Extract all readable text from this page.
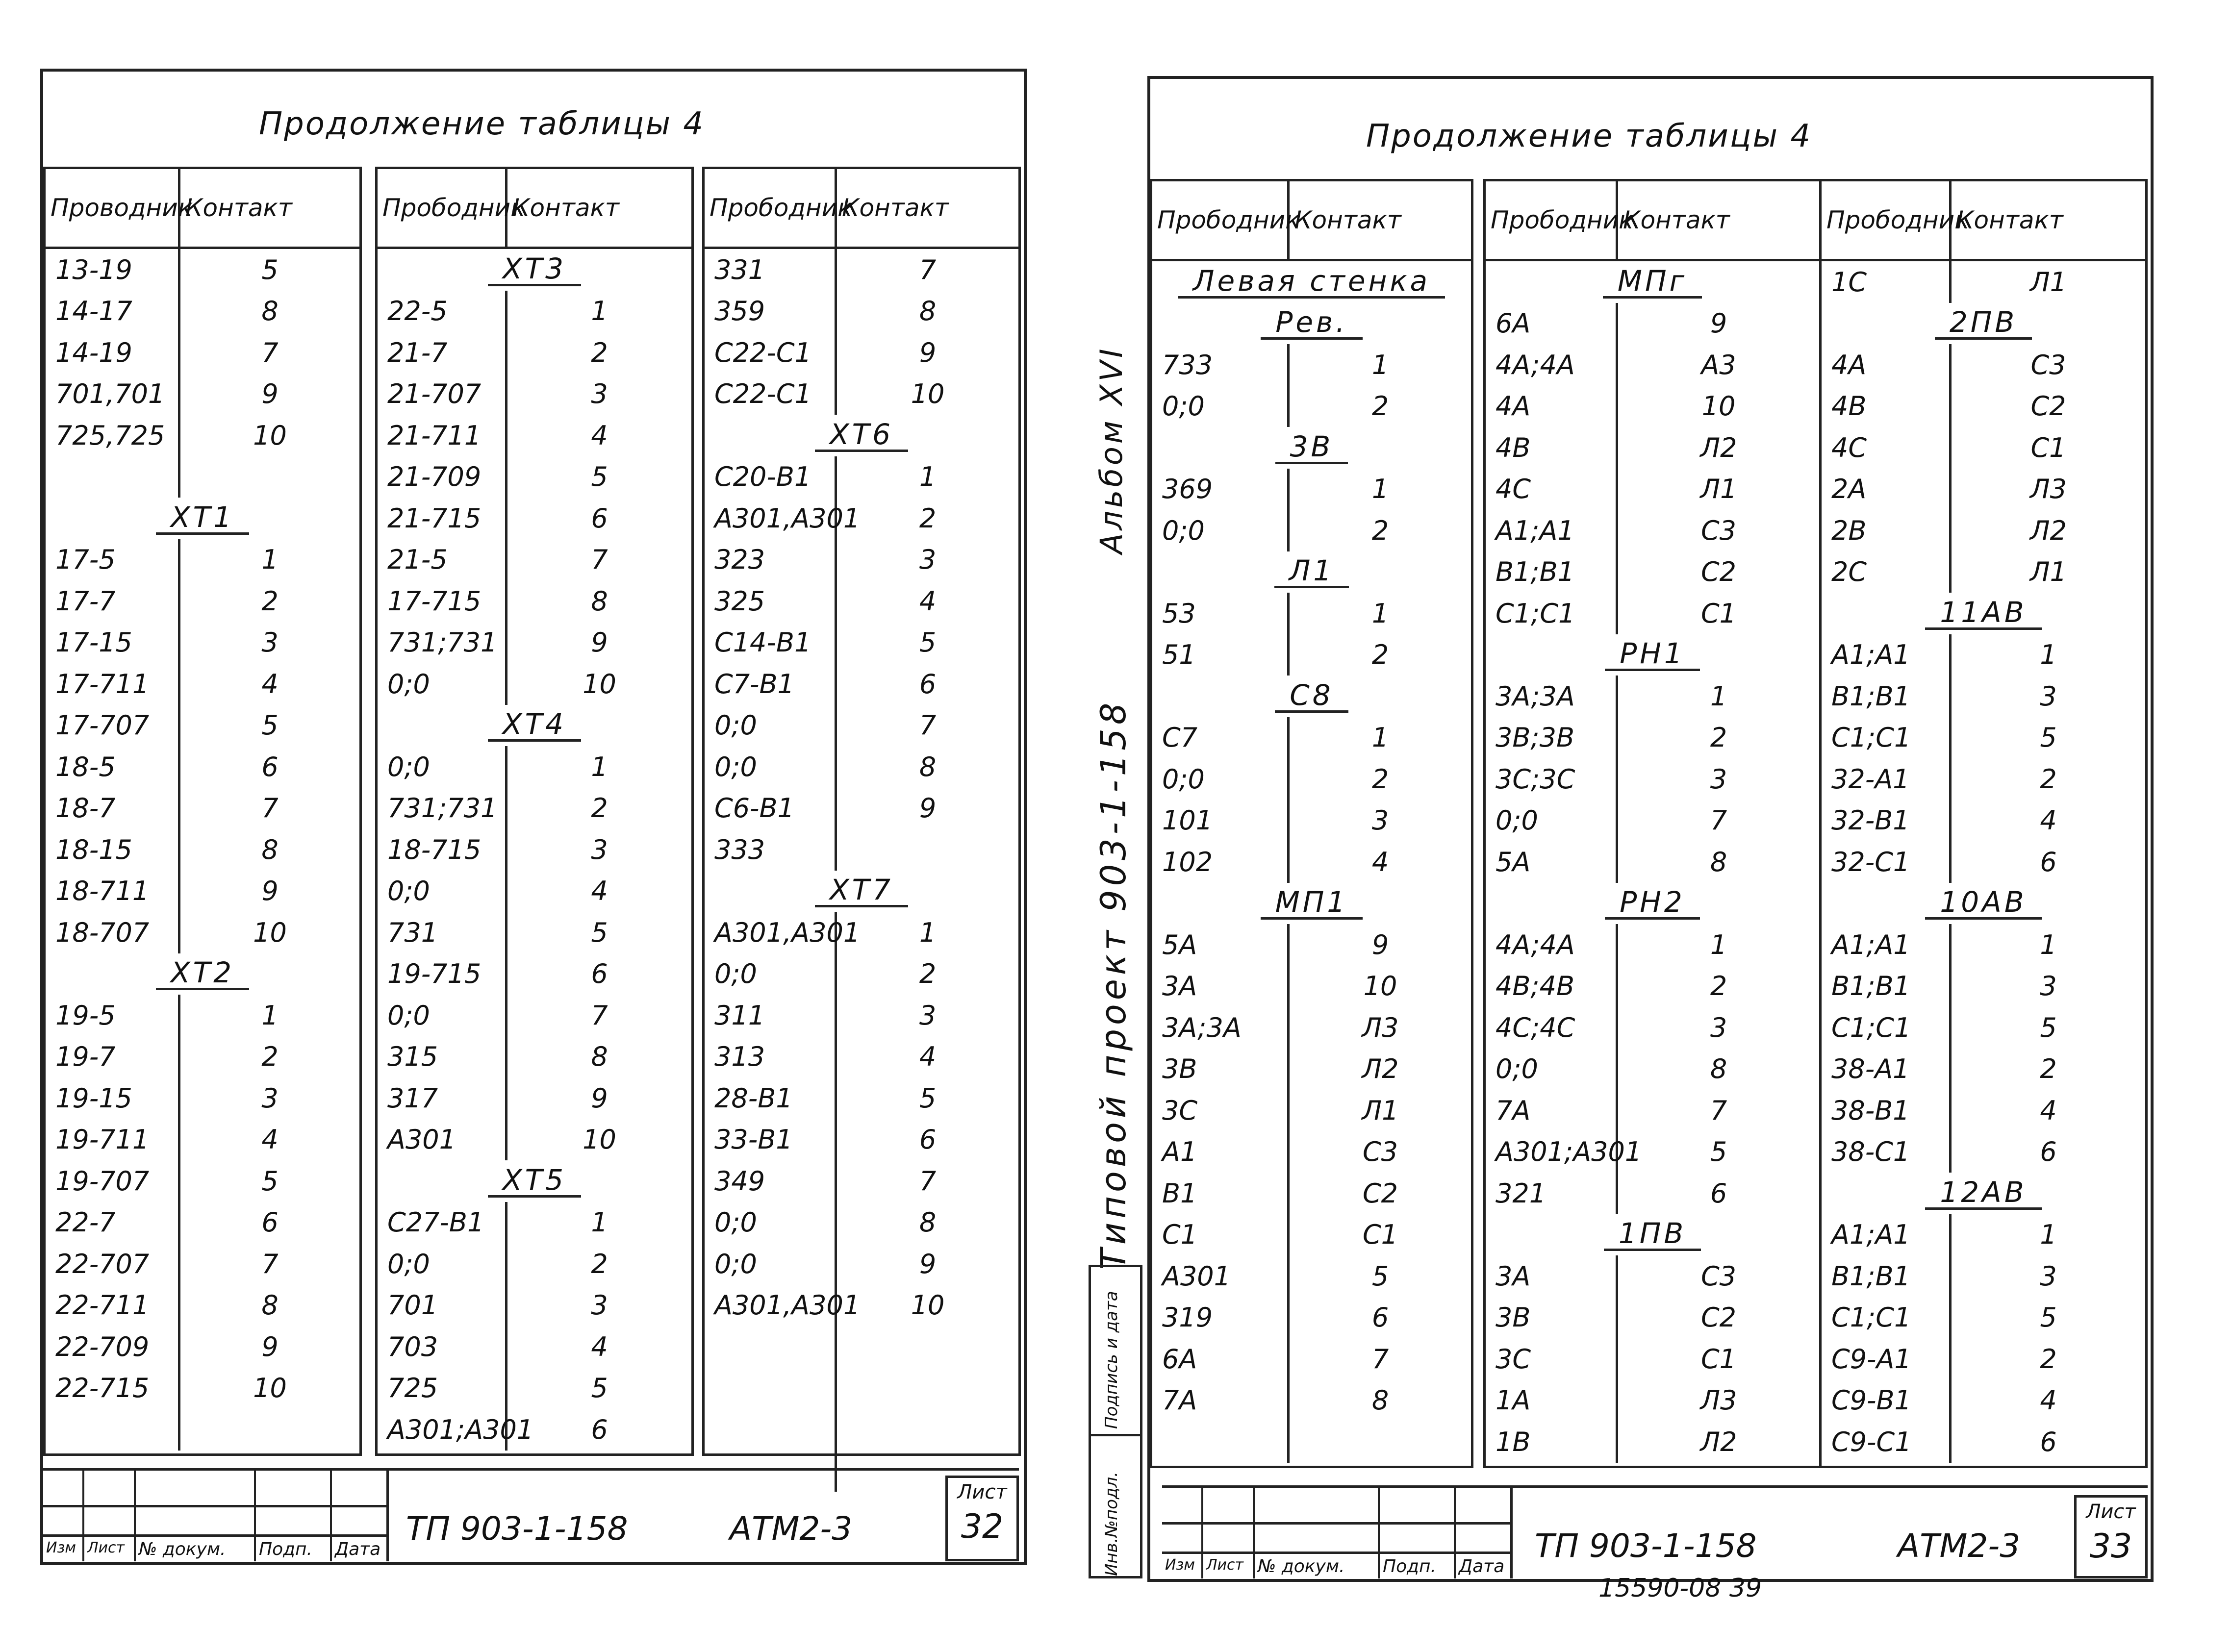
Продолжение таблицы 4
Проводник
Контакт
13-19	5
14-17	8
14-19	7
701,701	9
725,725	10
XT1
17-5	1
17-7	2
17-15	3
17-711	4
17-707	5
18-5	6
18-7	7
18-15	8
18-711	9
18-707	10
XT2
19-5	1
19-7	2
19-15	3
19-711	4
19-707	5
22-7	6
22-707	7
22-711	8
22-709	9
22-715	10
Прободник
Контакт
XT3
22-5	1
21-7	2
21-707	3
21-711	4
21-709	5
21-715	6
21-5	7
17-715	8
731;731	9
0;0	10
XT4
0;0	1
731;731	2
18-715	3
0;0	4
731	5
19-715	6
0;0	7
315	8
317	9
A301	10
XT5
C27-B1	1
0;0	2
701	3
703	4
725	5
A301;A301	6
Прободник
Контакт
331	7
359	8
C22-C1	9
C22-C1	10
XT6
C20-B1	1
A301,A301	2
323	3
325	4
C14-B1	5
C7-B1	6
0;0	7
0;0	8
C6-B1	9
333
XT7
A301,A301	1
0;0	2
311	3
313	4
28-B1	5
33-B1	6
349	7
0;0	8
0;0	9
A301,A301	10
Изм Лист № докум. Подп. Дата
ТП 903-1-158	АТМ2-3
Лист
32
Продолжение таблицы 4
Альбом XVI
Типовой проект 903-1-158
Инв.№подл.
Подпись и дата
Прободник
Контакт
Левая стенка
Рев.
733	1
0;0	2
3В
369	1
0;0	2
Л1
53	1
51	2
С8
C7	1
0;0	2
101	3
102	4
МП1
5A	9
3A	10
3A;3A	Л3
3B	Л2
3C	Л1
A1	C3
B1	C2
C1	C1
A301	5
319	6
6A	7
7A	8
Прободник
Контакт
МПг
6A	9
4A;4A	A3
4A	10
4B	Л2
4C	Л1
A1;A1	C3
B1;B1	C2
C1;C1	C1
РН1
3A;3A	1
3B;3B	2
3C;3C	3
0;0	7
5A	8
РН2
4A;4A	1
4B;4B	2
4C;4C	3
0;0	8
7A	7
A301;A301	5
321	6
1ПВ
3A	C3
3B	C2
3C	C1
1A	Л3
1B	Л2
Прободник
Контакт
1C	Л1
2ПВ
4A	C3
4B	C2
4C	C1
2A	Л3
2B	Л2
2C	Л1
11АВ
A1;A1	1
B1;B1	3
C1;C1	5
32-A1	2
32-B1	4
32-C1	6
10АВ
A1;A1	1
B1;B1	3
C1;C1	5
38-A1	2
38-B1	4
38-C1	6
12АВ
A1;A1	1
B1;B1	3
C1;C1	5
C9-A1	2
C9-B1	4
C9-C1	6
Изм Лист № докум. Подп. Дата
ТП 903-1-158	АТМ2-3
Лист
33
15590-08 39
